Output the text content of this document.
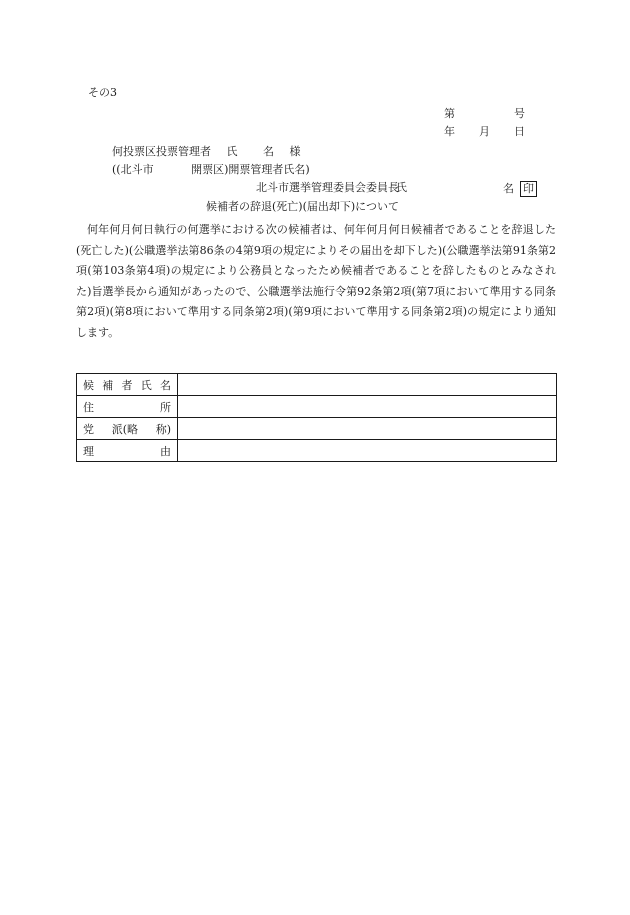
その3
第	号
年 月 日
何投票区投票管理者 氏 名 様
((北斗市	開票区)開票管理者氏名)
北斗市選挙管理委員会委員長
氏	名 印
候補者の辞退(死亡)(届出却下)について
何年何月何日執行の何選挙における次の候補者は、何年何月何日候補者であることを辞退した(死亡した)(公職選挙法第86条の4第9項の規定によりその届出を却下した)(公職選挙法第91条第2項(第103条第4項)の規定により公務員となったため候補者であることを辞したものとみなされた)旨選挙長から通知があったので、公職選挙法施行令第92条第2項(第7項において準用する同条第2項)(第8項において準用する同条第2項)(第9項において準用する同条第2項)の規定により通知します。
候 補 者 氏 名	

住 所	

党 派(略 称)	

理 由	
